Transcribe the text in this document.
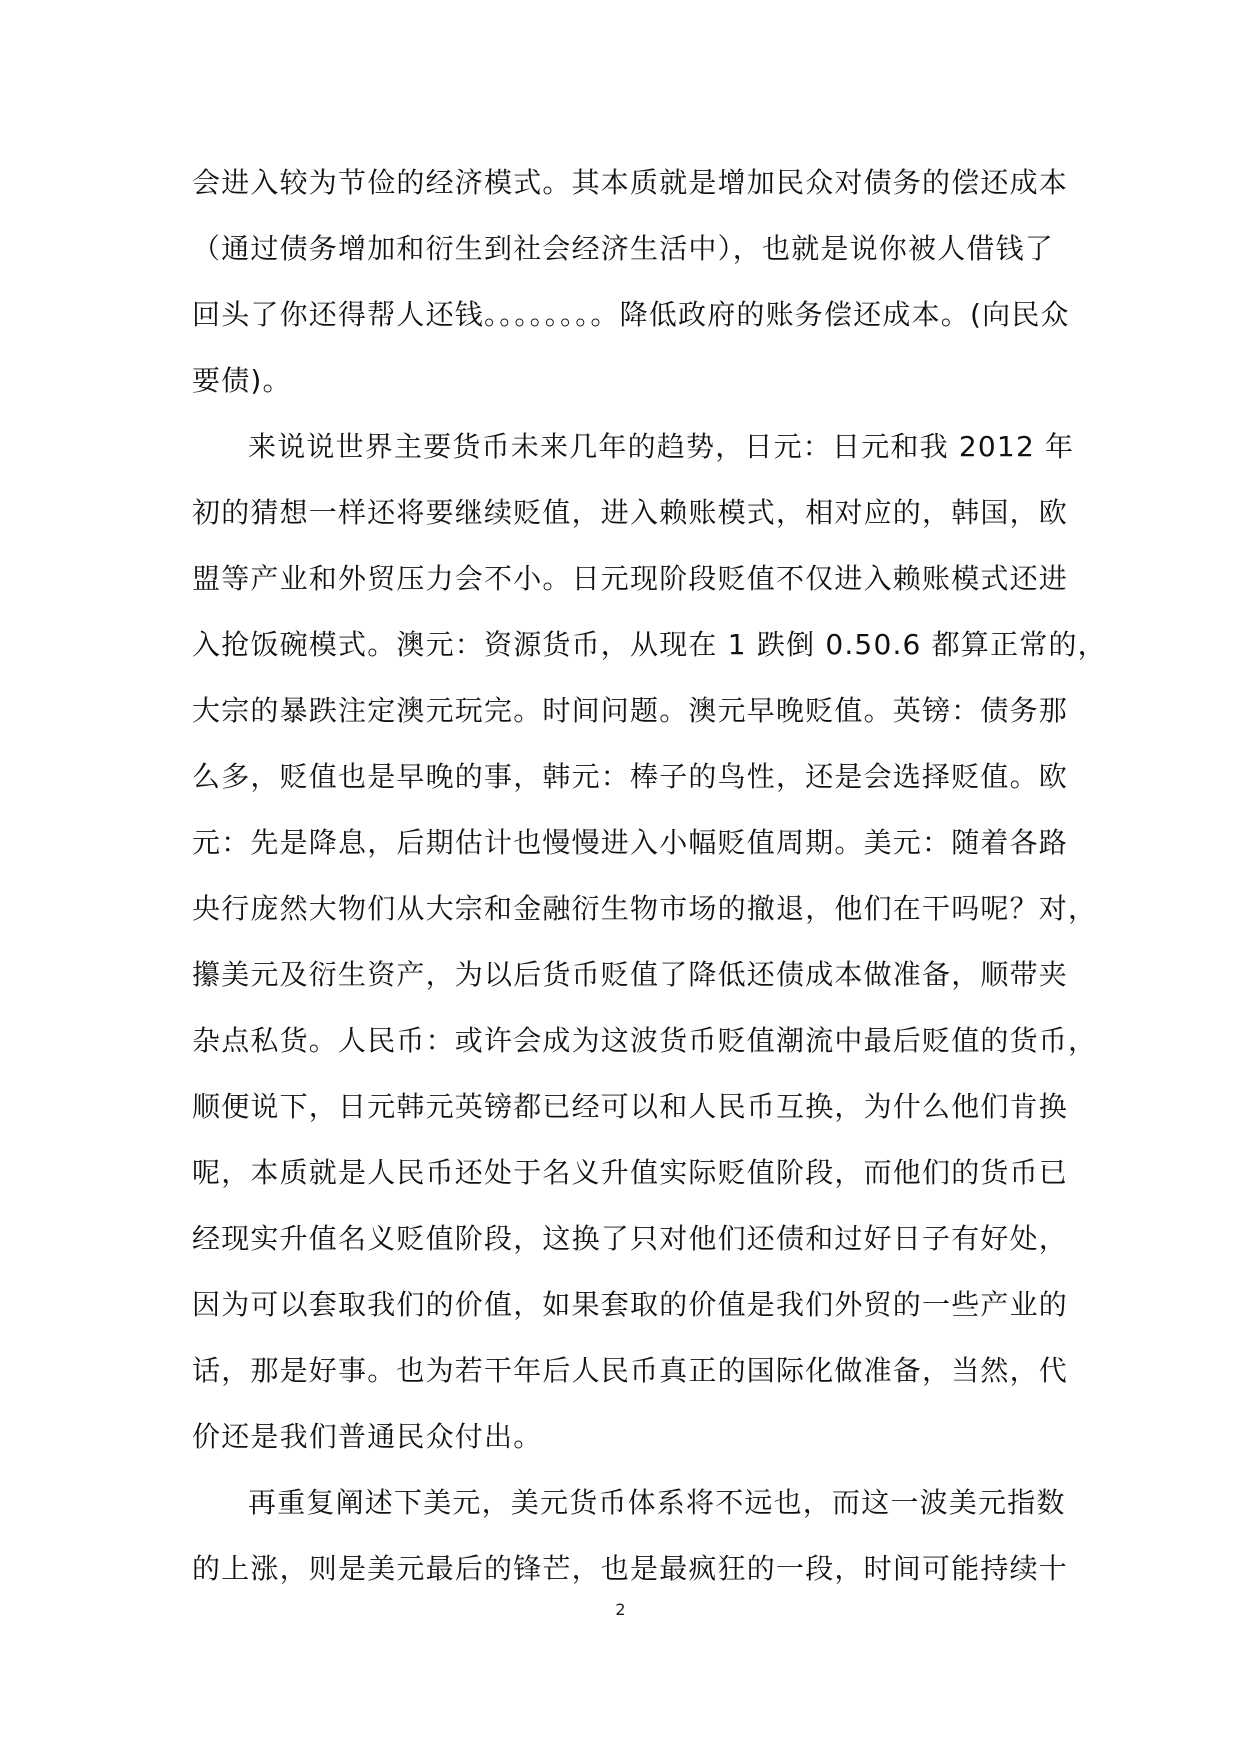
会进入较为节俭的经济模式。其本质就是增加民众对债务的偿还成本
（通过债务增加和衍生到社会经济生活中），也就是说你被人借钱了
回头了你还得帮人还钱。。。。。。。。降低政府的账务偿还成本。(向民众
要债)。
来说说世界主要货币未来几年的趋势，日元：日元和我 2012 年
初的猜想一样还将要继续贬值，进入赖账模式，相对应的，韩国，欧
盟等产业和外贸压力会不小。日元现阶段贬值不仅进入赖账模式还进
入抢饭碗模式。澳元：资源货币，从现在 1 跌倒 0.50.6 都算正常的，
大宗的暴跌注定澳元玩完。时间问题。澳元早晚贬值。英镑：债务那
么多，贬值也是早晚的事，韩元：棒子的鸟性，还是会选择贬值。欧
元：先是降息，后期估计也慢慢进入小幅贬值周期。美元：随着各路
央行庞然大物们从大宗和金融衍生物市场的撤退，他们在干吗呢？对，
攥美元及衍生资产，为以后货币贬值了降低还债成本做准备，顺带夹
杂点私货。人民币：或许会成为这波货币贬值潮流中最后贬值的货币，
顺便说下，日元韩元英镑都已经可以和人民币互换，为什么他们肯换
呢，本质就是人民币还处于名义升值实际贬值阶段，而他们的货币已
经现实升值名义贬值阶段，这换了只对他们还债和过好日子有好处，
因为可以套取我们的价值，如果套取的价值是我们外贸的一些产业的
话，那是好事。也为若干年后人民币真正的国际化做准备，当然，代
价还是我们普通民众付出。
再重复阐述下美元，美元货币体系将不远也，而这一波美元指数
的上涨，则是美元最后的锋芒，也是最疯狂的一段，时间可能持续十
2
